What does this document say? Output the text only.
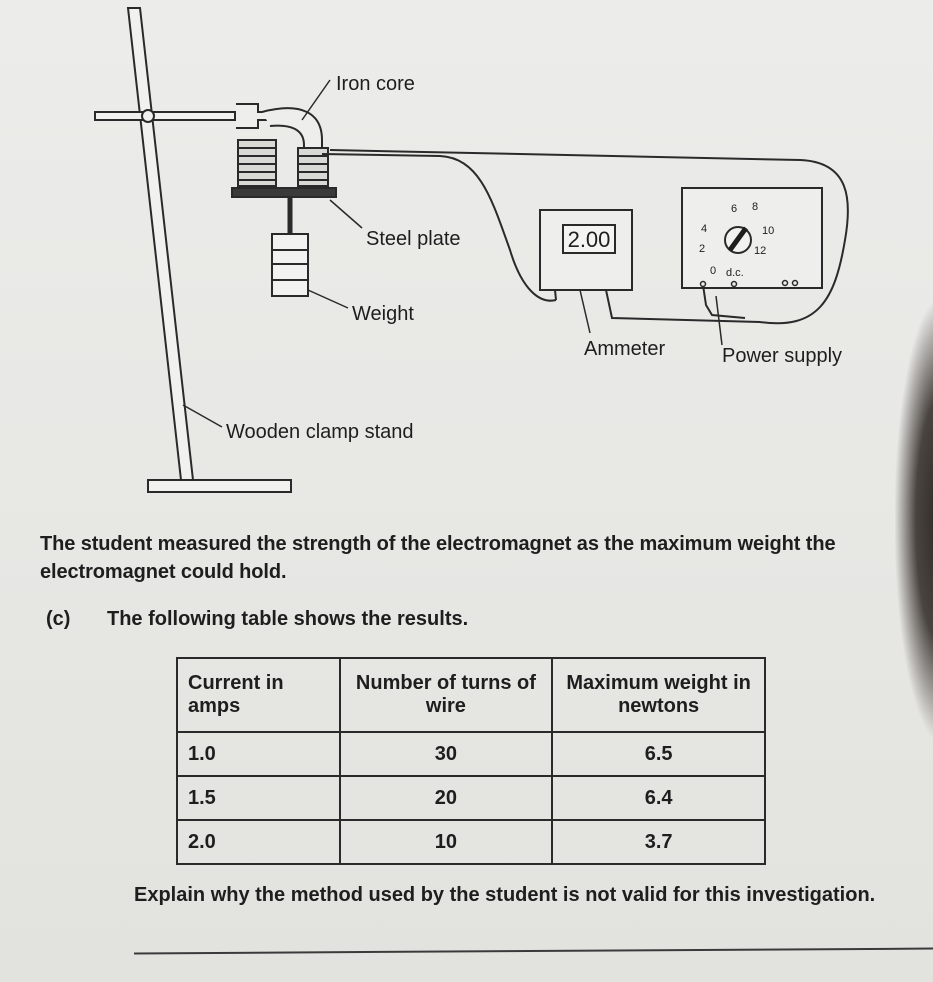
2.00
6 8
4	10
2	12
0 d.c.
Iron core
Steel plate
Weight
Ammeter	Power supply
Wooden clamp stand
The student measured the strength of the electromagnet as the maximum weight the electromagnet could hold.
(c) The following table shows the results.
Current in amps	Number of turns of wire	Maximum weight in newtons
1.0	30	6.5
1.5	20	6.4
2.0	10	3.7
Explain why the method used by the student is not valid for this investigation.
